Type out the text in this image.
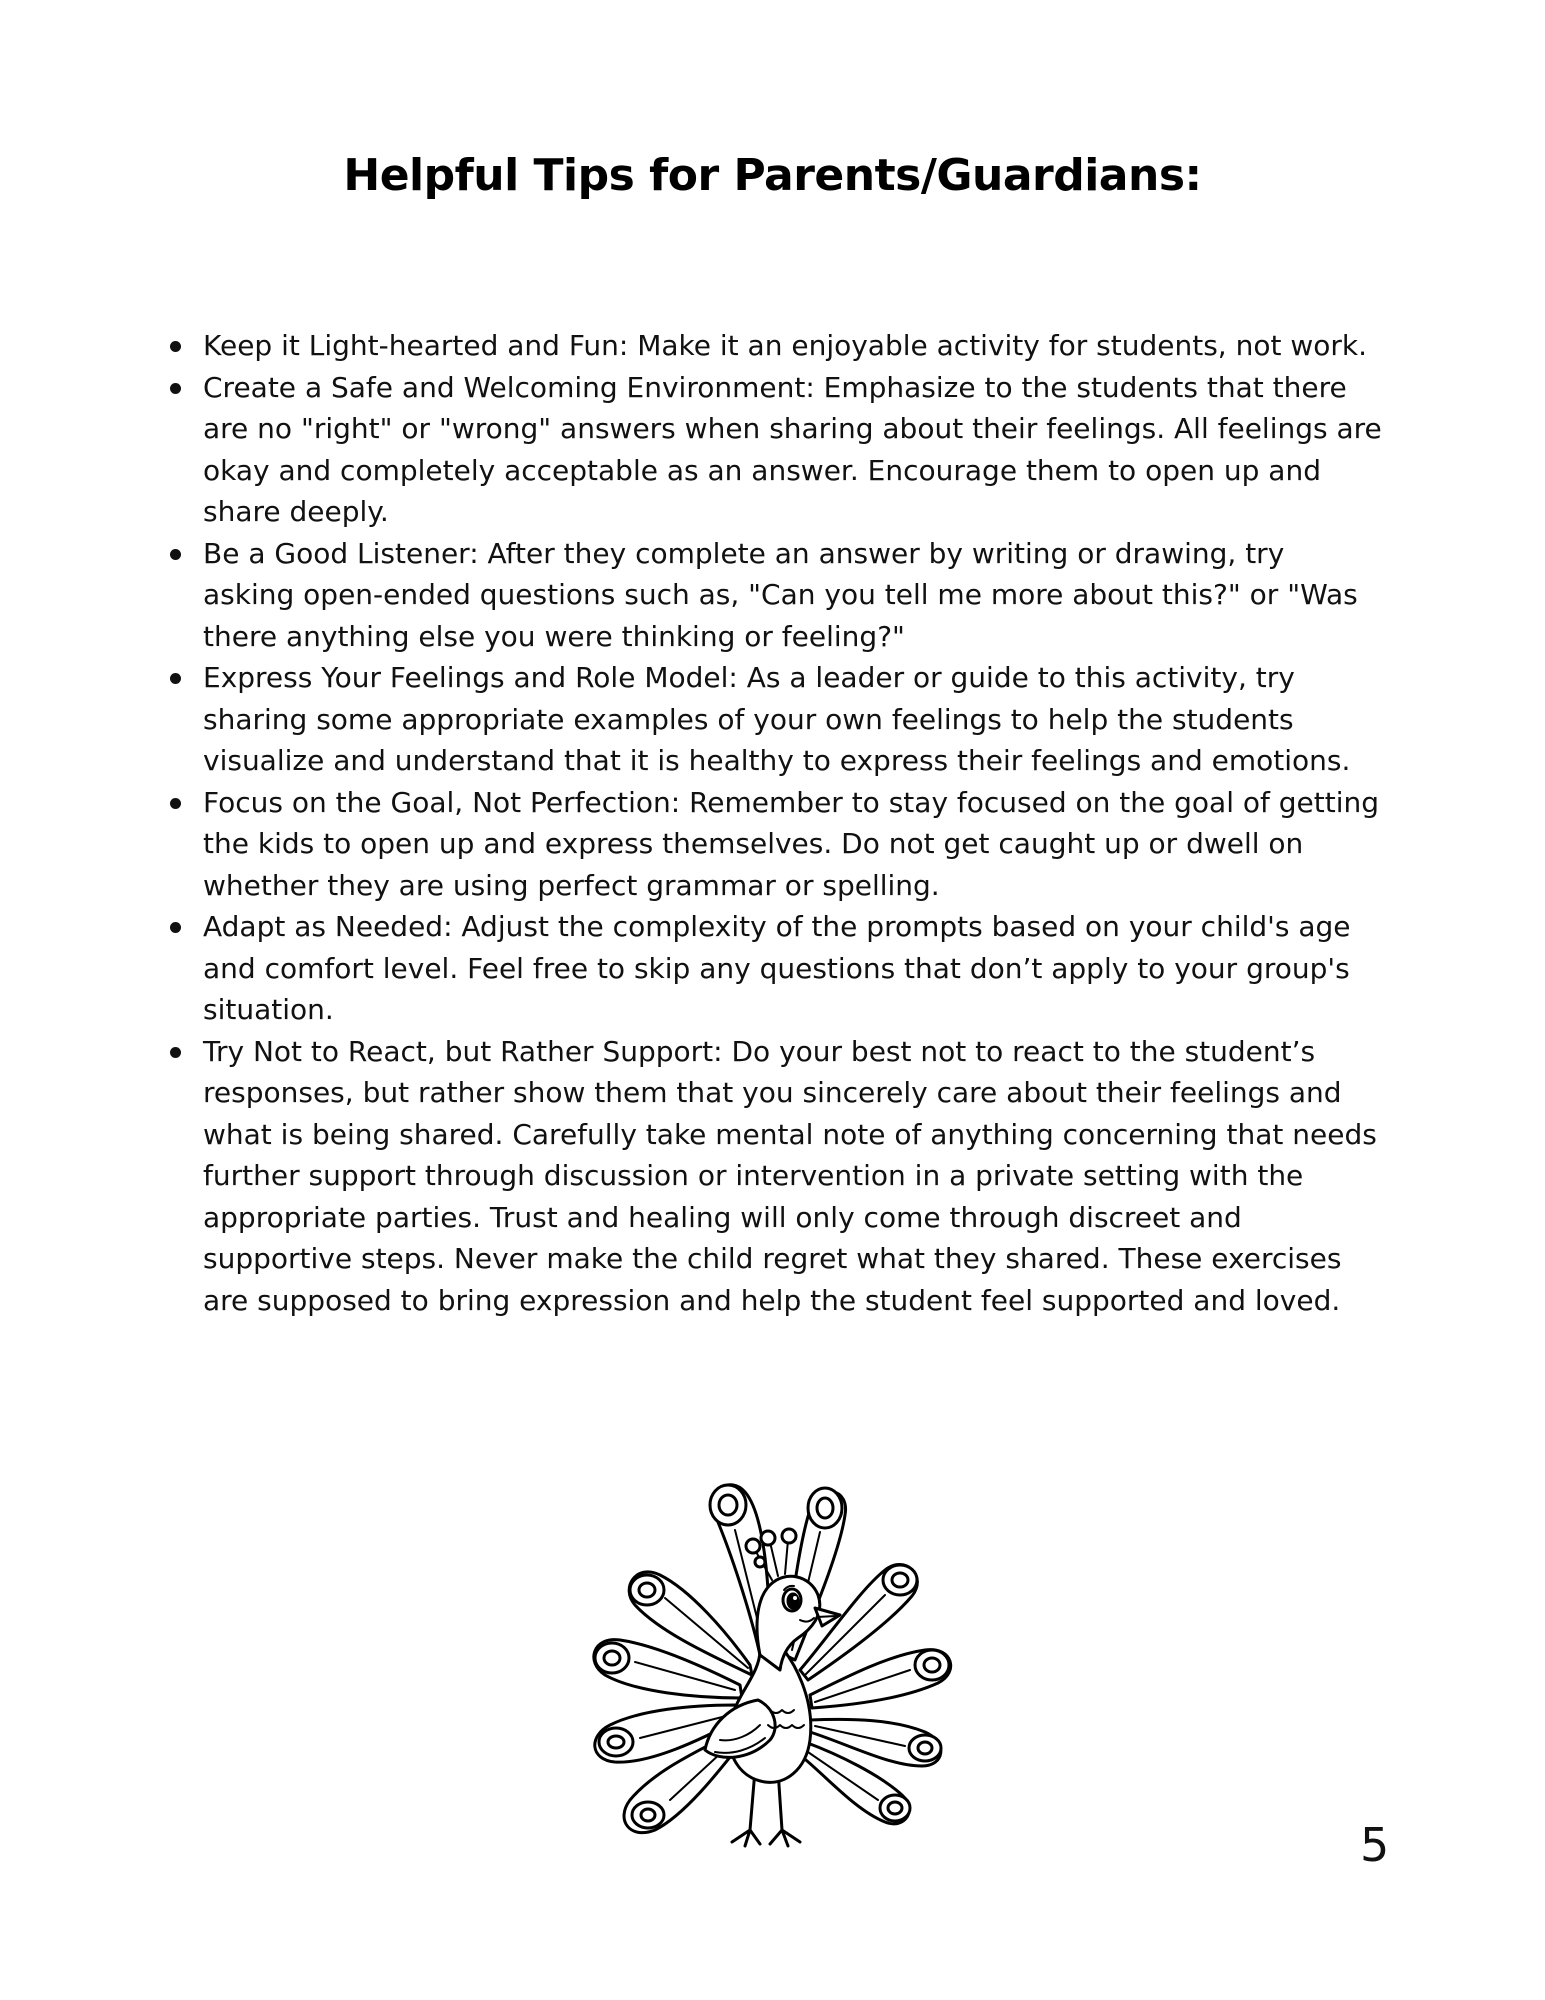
Helpful Tips for Parents/Guardians:
Keep it Light-hearted and Fun: Make it an enjoyable activity for students, not work.
Create a Safe and Welcoming Environment: Emphasize to the students that there are no "right" or "wrong" answers when sharing about their feelings. All feelings are okay and completely acceptable as an answer. Encourage them to open up and share deeply.
Be a Good Listener: After they complete an answer by writing or drawing, try asking open-ended questions such as, "Can you tell me more about this?" or "Was there anything else you were thinking or feeling?"
Express Your Feelings and Role Model: As a leader or guide to this activity, try sharing some appropriate examples of your own feelings to help the students visualize and understand that it is healthy to express their feelings and emotions.
Focus on the Goal, Not Perfection: Remember to stay focused on the goal of getting the kids to open up and express themselves. Do not get caught up or dwell on whether they are using perfect grammar or spelling.
Adapt as Needed: Adjust the complexity of the prompts based on your child's age and comfort level. Feel free to skip any questions that don’t apply to your group's situation.
Try Not to React, but Rather Support: Do your best not to react to the student’s responses, but rather show them that you sincerely care about their feelings and what is being shared. Carefully take mental note of anything concerning that needs further support through discussion or intervention in a private setting with the appropriate parties. Trust and healing will only come through discreet and supportive steps. Never make the child regret what they shared. These exercises are supposed to bring expression and help the student feel supported and loved.
5
